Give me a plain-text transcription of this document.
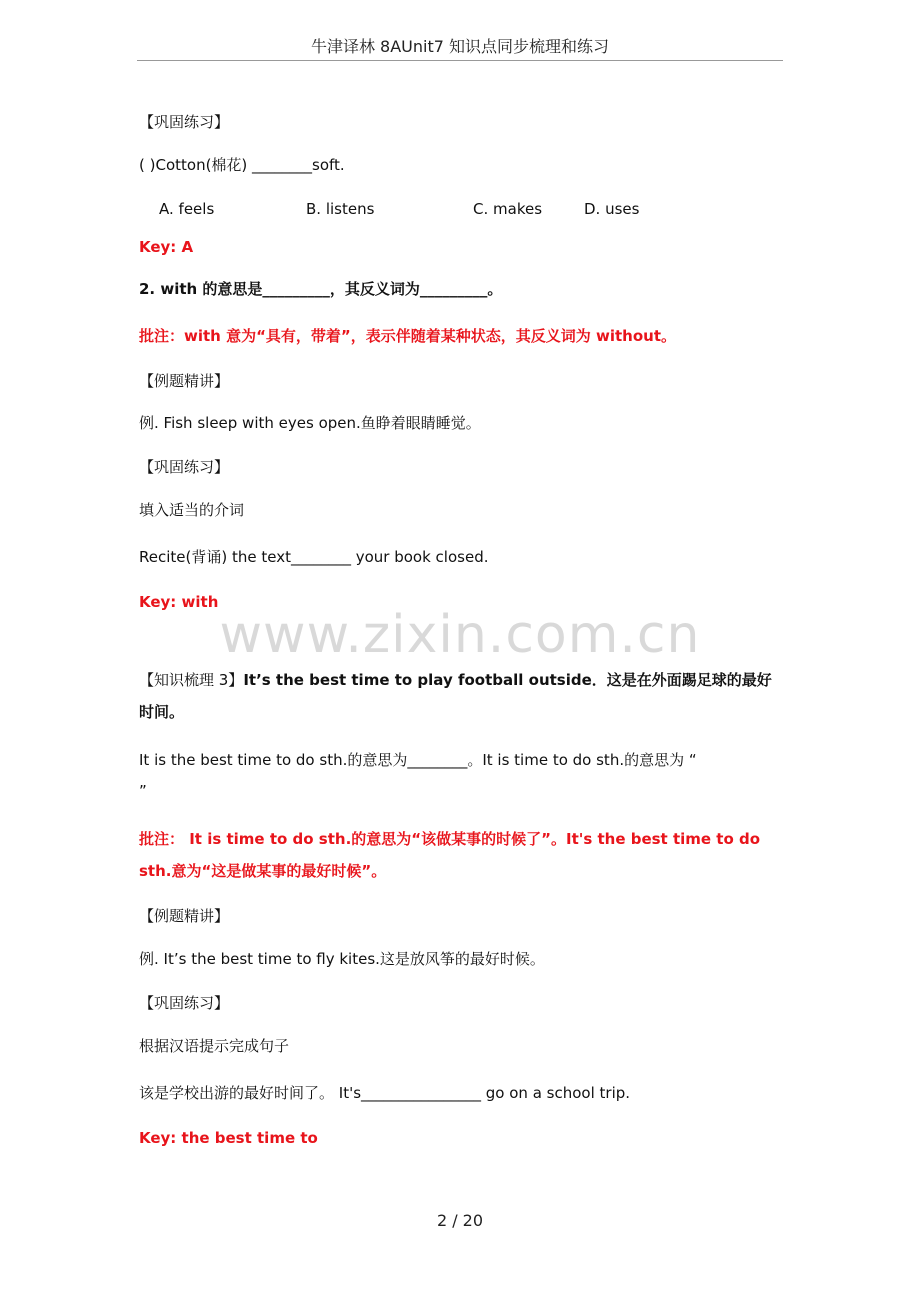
牛津译林 8AUnit7 知识点同步梳理和练习
【巩固练习】
( )Cotton(棉花) ________soft.
A. feels	B. listens	C. makes	D. uses
Key: A
2. with 的意思是_________，其反义词为_________。
批注：with 意为“具有，带着”，表示伴随着某种状态，其反义词为 without。
【例题精讲】
例. Fish sleep with eyes open.鱼睁着眼睛睡觉。
【巩固练习】
填入适当的介词
Recite(背诵) the text________ your book closed.
Key: with
www.zixin.com.cn
【知识梳理 3】It’s the best time to play football outside．这是在外面踢足球的最好时间。
It is the best time to do sth.的意思为________。It is time to do sth.的意思为 “
”
批注： It is time to do sth.的意思为“该做某事的时候了”。It's the best time to do sth.意为“这是做某事的最好时候”。
【例题精讲】
例. It’s the best time to fly kites.这是放风筝的最好时候。
【巩固练习】
根据汉语提示完成句子
该是学校出游的最好时间了。 It's________________ go on a school trip.
Key: the best time to
2 / 20
